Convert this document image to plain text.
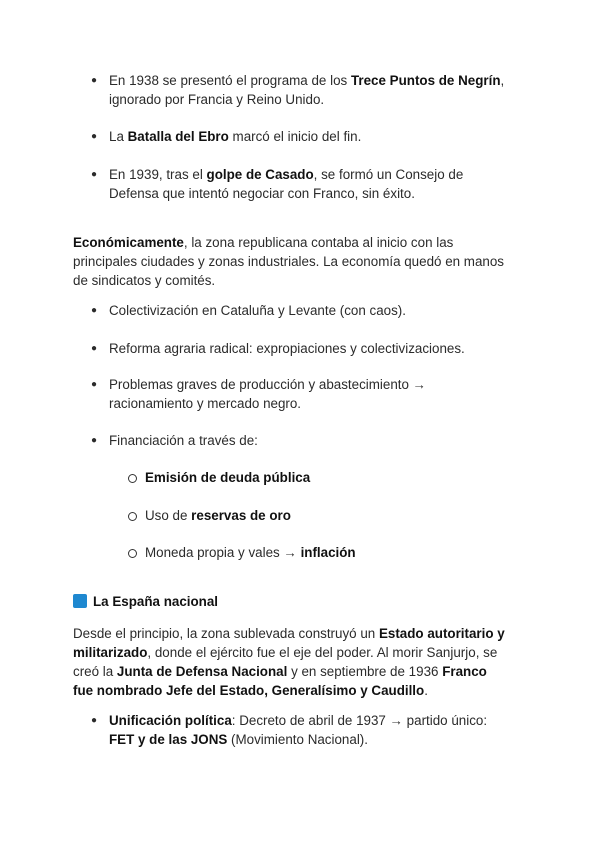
● En 1938 se presentó el programa de los Trece Puntos de Negrín,
ignorado por Francia y Reino Unido.
● La Batalla del Ebro marcó el inicio del fin.
● En 1939, tras el golpe de Casado, se formó un Consejo de
Defensa que intentó negociar con Franco, sin éxito.
Económicamente, la zona republicana contaba al inicio con las
principales ciudades y zonas industriales. La economía quedó en manos
de sindicatos y comités.
● Colectivización en Cataluña y Levante (con caos).
● Reforma agraria radical: expropiaciones y colectivizaciones.
● Problemas graves de producción y abastecimiento →
racionamiento y mercado negro.
● Financiación a través de:
Emisión de deuda pública
Uso de reservas de oro
Moneda propia y vales → inflación
La España nacional
Desde el principio, la zona sublevada construyó un Estado autoritario y
militarizado, donde el ejército fue el eje del poder. Al morir Sanjurjo, se
creó la Junta de Defensa Nacional y en septiembre de 1936 Franco
fue nombrado Jefe del Estado, Generalísimo y Caudillo.
● Unificación política: Decreto de abril de 1937 → partido único:
FET y de las JONS (Movimiento Nacional).
